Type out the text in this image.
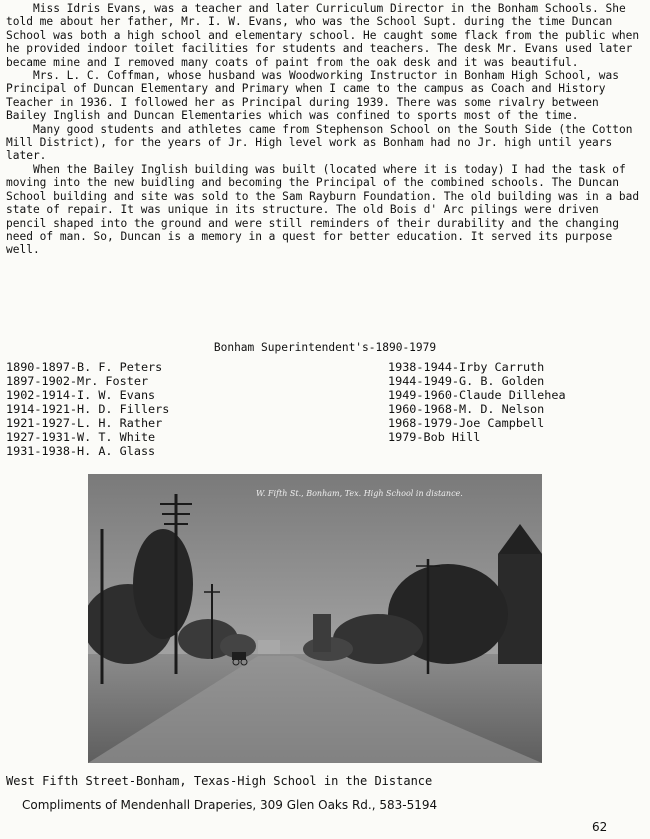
Miss Idris Evans, was a teacher and later Curriculum Director in the Bonham Schools. She told me about her father, Mr. I. W. Evans, who was the School Supt. during the time Duncan School was both a high school and elementary school. He caught some flack from the public when he provided indoor toilet facilities for students and teachers. The desk Mr. Evans used later became mine and I removed many coats of paint from the oak desk and it was beautiful.

Mrs. L. C. Coffman, whose husband was Woodworking Instructor in Bonham High School, was Principal of Duncan Elementary and Primary when I came to the campus as Coach and History Teacher in 1936. I followed her as Principal during 1939. There was some rivalry between Bailey Inglish and Duncan Elementaries which was confined to sports most of the time.

Many good students and athletes came from Stephenson School on the South Side (the Cotton Mill District), for the years of Jr. High level work as Bonham had no Jr. high until years later.

When the Bailey Inglish building was built (located where it is today) I had the task of moving into the new buidling and becoming the Principal of the combined schools. The Duncan School building and site was sold to the Sam Rayburn Foundation. The old building was in a bad state of repair. It was unique in its structure. The old Bois d' Arc pilings were driven pencil shaped into the ground and were still reminders of their durability and the changing need of man. So, Duncan is a memory in a quest for better education. It served its purpose well.

Bonham Superintendent's-1890-1979
1890-1897-B. F. Peters
1897-1902-Mr. Foster
1902-1914-I. W. Evans
1914-1921-H. D. Fillers
1921-1927-L. H. Rather
1927-1931-W. T. White
1931-1938-H. A. Glass
1938-1944-Irby Carruth
1944-1949-G. B. Golden
1949-1960-Claude Dillehea
1960-1968-M. D. Nelson
1968-1979-Joe Campbell
1979-Bob Hill
W. Fifth St., Bonham, Tex. High School in distance.
West Fifth Street-Bonham, Texas-High School in the Distance
Compliments of Mendenhall Draperies, 309 Glen Oaks Rd., 583-5194
62
